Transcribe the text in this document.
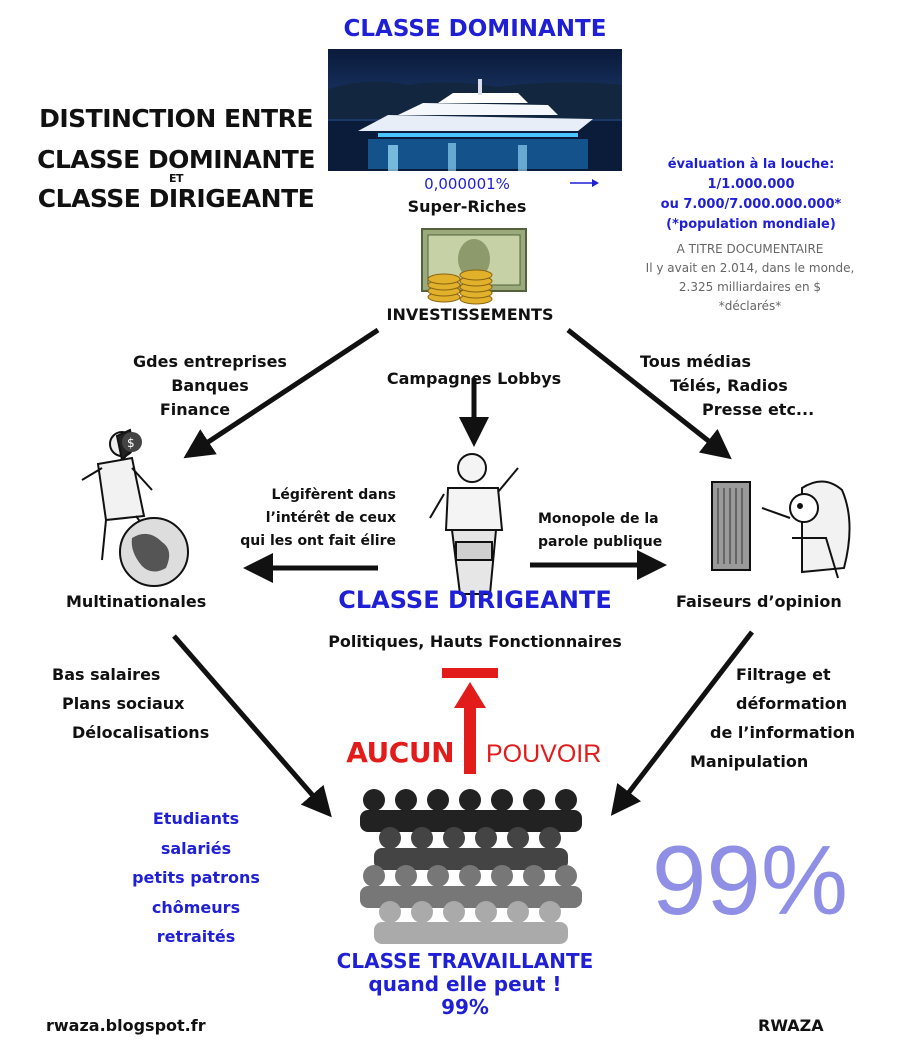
DISTINCTION ENTRE
CLASSE DOMINANTE
ET
CLASSE DIRIGEANTE
CLASSE DOMINANTE
0,000001%
Super-Riches
évaluation à la louche:
1/1.000.000
ou 7.000/7.000.000.000*
(*population mondiale)
A TITRE DOCUMENTAIRE
Il y avait en 2.014, dans le monde,
2.325 milliardaires en $
*déclarés*
INVESTISSEMENTS
Gdes entreprises
Banques
Finance
Campagnes Lobbys
Tous médias
Télés, Radios
Presse etc...
$
Légifèrent dans
l’intérêt de ceux
qui les ont fait élire
Monopole de la
parole publique
Multinationales	CLASSE DIRIGEANTE
Politiques, Hauts Fonctionnaires
Faiseurs d’opinion
Bas salaires
Plans sociaux
Délocalisations
Filtrage et
déformation
de l’information
Manipulation
AUCUN POUVOIR
Etudiants
salariés
petits patrons
chômeurs
retraités
99%
CLASSE TRAVAILLANTE
quand elle peut !
99%
rwaza.blogspot.fr	RWAZA
